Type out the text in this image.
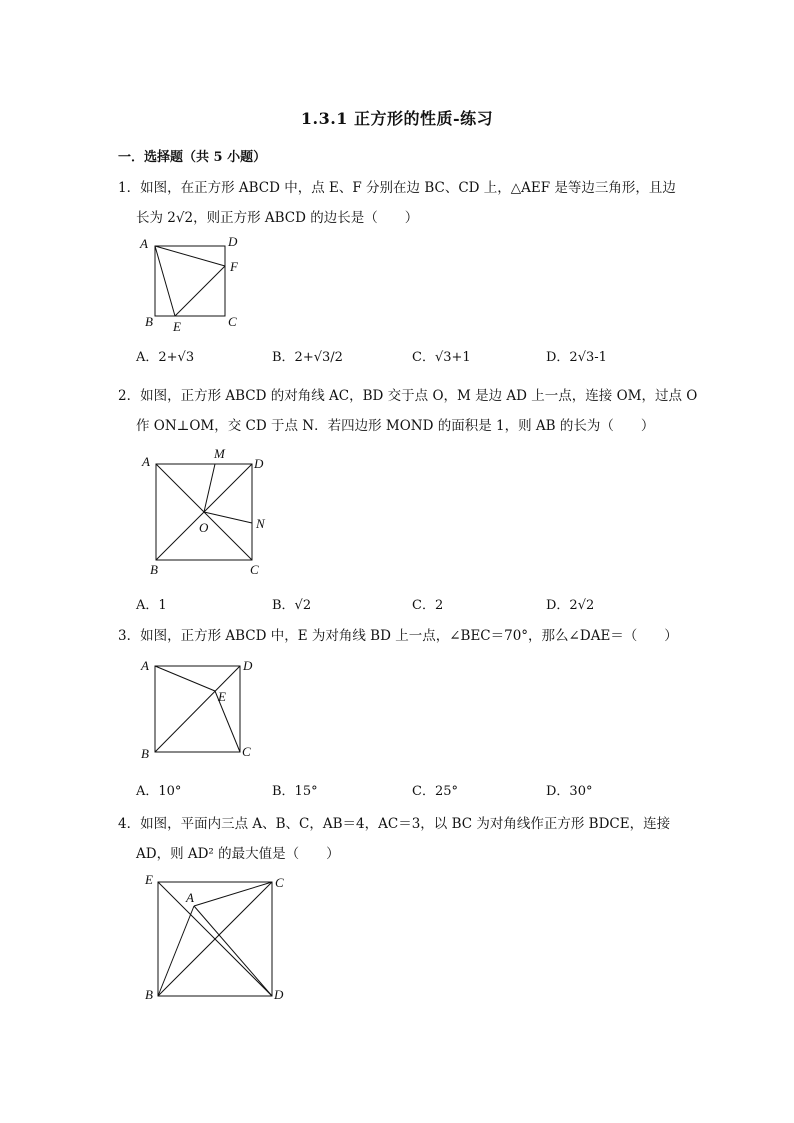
1.3.1 正方形的性质-练习
一．选择题（共 5 小题）
1．如图，在正方形 ABCD 中，点 E、F 分别在边 BC、CD 上，△AEF 是等边三角形，且边
长为 2√2，则正方形 ABCD 的边长是（　　）
A	D
F
B E	C
A．2+√3	B．2+√3/2	C．√3+1	D．2√3-1
2．如图，正方形 ABCD 的对角线 AC，BD 交于点 O，M 是边 AD 上一点，连接 OM，过点 O
作 ON⊥OM，交 CD 于点 N．若四边形 MOND 的面积是 1，则 AB 的长为（　　）
A
M
D
O	N
B	C
A．1	B．√2	C．2	D．2√2
3．如图，正方形 ABCD 中，E 为对角线 BD 上一点，∠BEC＝70°，那么∠DAE＝（　　）
A	D
E
B	C
A．10°	B．15°	C．25°	D．30°
4．如图，平面内三点 A、B、C，AB＝4，AC＝3，以 BC 为对角线作正方形 BDCE，连接
AD，则 AD² 的最大值是（　　）
E
A
C
B	D
